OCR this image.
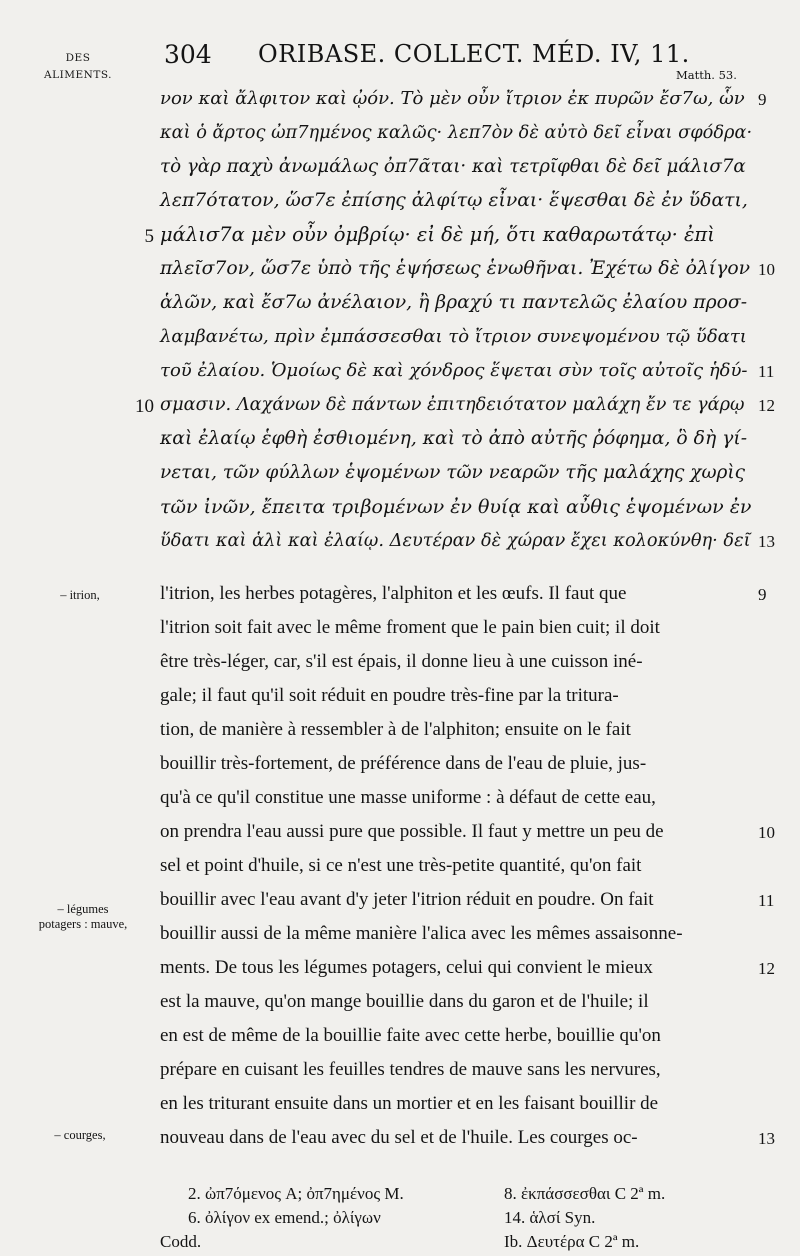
DES ALIMENTS.
304 ORIBASE. COLLECT. MÉD. IV, 11.
Matth. 53.
νον καὶ ἄλφιτον καὶ ᾠόν. Τὸ μὲν οὖν ἴτριον ἐκ πυρῶν ἔσ7ω, ὧν
καὶ ὁ ἄρτος ὠπ7ημένος καλῶς· λεπ7ὸν δὲ αὐτὸ δεῖ εἶναι σφόδρα·
τὸ γὰρ παχὺ ἀνωμάλως ὀπ7ᾶται· καὶ τετρῖφθαι δὲ δεῖ μάλισ7α
λεπ7ότατον, ὥσ7ε ἐπίσης ἀλφίτῳ εἶναι· ἕψεσθαι δὲ ἐν ὕδατι,
μάλισ7α μὲν οὖν ὀμβρίῳ· εἰ δὲ μή, ὅτι καθαρωτάτῳ· ἐπὶ
πλεῖσ7ον, ὥσ7ε ὑπὸ τῆς ἑψήσεως ἑνωθῆναι. Ἐχέτω δὲ ὀλίγον
ἁλῶν, καὶ ἔσ7ω ἀνέλαιον, ἢ βραχύ τι παντελῶς ἐλαίου προσ-
λαμβανέτω, πρὶν ἐμπάσσεσθαι τὸ ἴτριον συνεψομένου τῷ ὕδατι
τοῦ ἐλαίου. Ὁμοίως δὲ καὶ χόνδρος ἕψεται σὺν τοῖς αὐτοῖς ἡδύ-
σμασιν. Λαχάνων δὲ πάντων ἐπιτηδειότατον μαλάχη ἔν τε γάρῳ
καὶ ἐλαίῳ ἑφθὴ ἐσθιομένη, καὶ τὸ ἀπὸ αὐτῆς ῥόφημα, ὃ δὴ γί-
νεται, τῶν φύλλων ἑψομένων τῶν νεαρῶν τῆς μαλάχης χωρὶς
τῶν ἰνῶν, ἔπειτα τριβομένων ἐν θυίᾳ καὶ αὖθις ἑψομένων ἐν
ὕδατι καὶ ἁλὶ καὶ ἐλαίῳ. Δευτέραν δὲ χώραν ἔχει κολοκύνθη· δεῖ
5
10
9
10
11
12
13
l'itrion, les herbes potagères, l'alphiton et les œufs. Il faut que
l'itrion soit fait avec le même froment que le pain bien cuit; il doit
être très-léger, car, s'il est épais, il donne lieu à une cuisson iné-
gale; il faut qu'il soit réduit en poudre très-fine par la tritura-
tion, de manière à ressembler à de l'alphiton; ensuite on le fait
bouillir très-fortement, de préférence dans de l'eau de pluie, jus-
qu'à ce qu'il constitue une masse uniforme : à défaut de cette eau,
on prendra l'eau aussi pure que possible. Il faut y mettre un peu de
sel et point d'huile, si ce n'est une très-petite quantité, qu'on fait
bouillir avec l'eau avant d'y jeter l'itrion réduit en poudre. On fait
bouillir aussi de la même manière l'alica avec les mêmes assaisonne-
ments. De tous les légumes potagers, celui qui convient le mieux
est la mauve, qu'on mange bouillie dans du garon et de l'huile; il
en est de même de la bouillie faite avec cette herbe, bouillie qu'on
prépare en cuisant les feuilles tendres de mauve sans les nervures,
en les triturant ensuite dans un mortier et en les faisant bouillir de
nouveau dans de l'eau avec du sel et de l'huile. Les courges oc-
9
10
11
12
13
– itrion,
– légumes potagers : mauve,
– courges,
2. ὠπ7όμενος A; ὀπ7ημένος M.
6. ὀλίγον ex emend.; ὀλίγων
Codd.
8. ἐκπάσσεσθαι C 2ª m.
14. ἁλσί Syn.
Ib. Δευτέρα C 2ª m.
